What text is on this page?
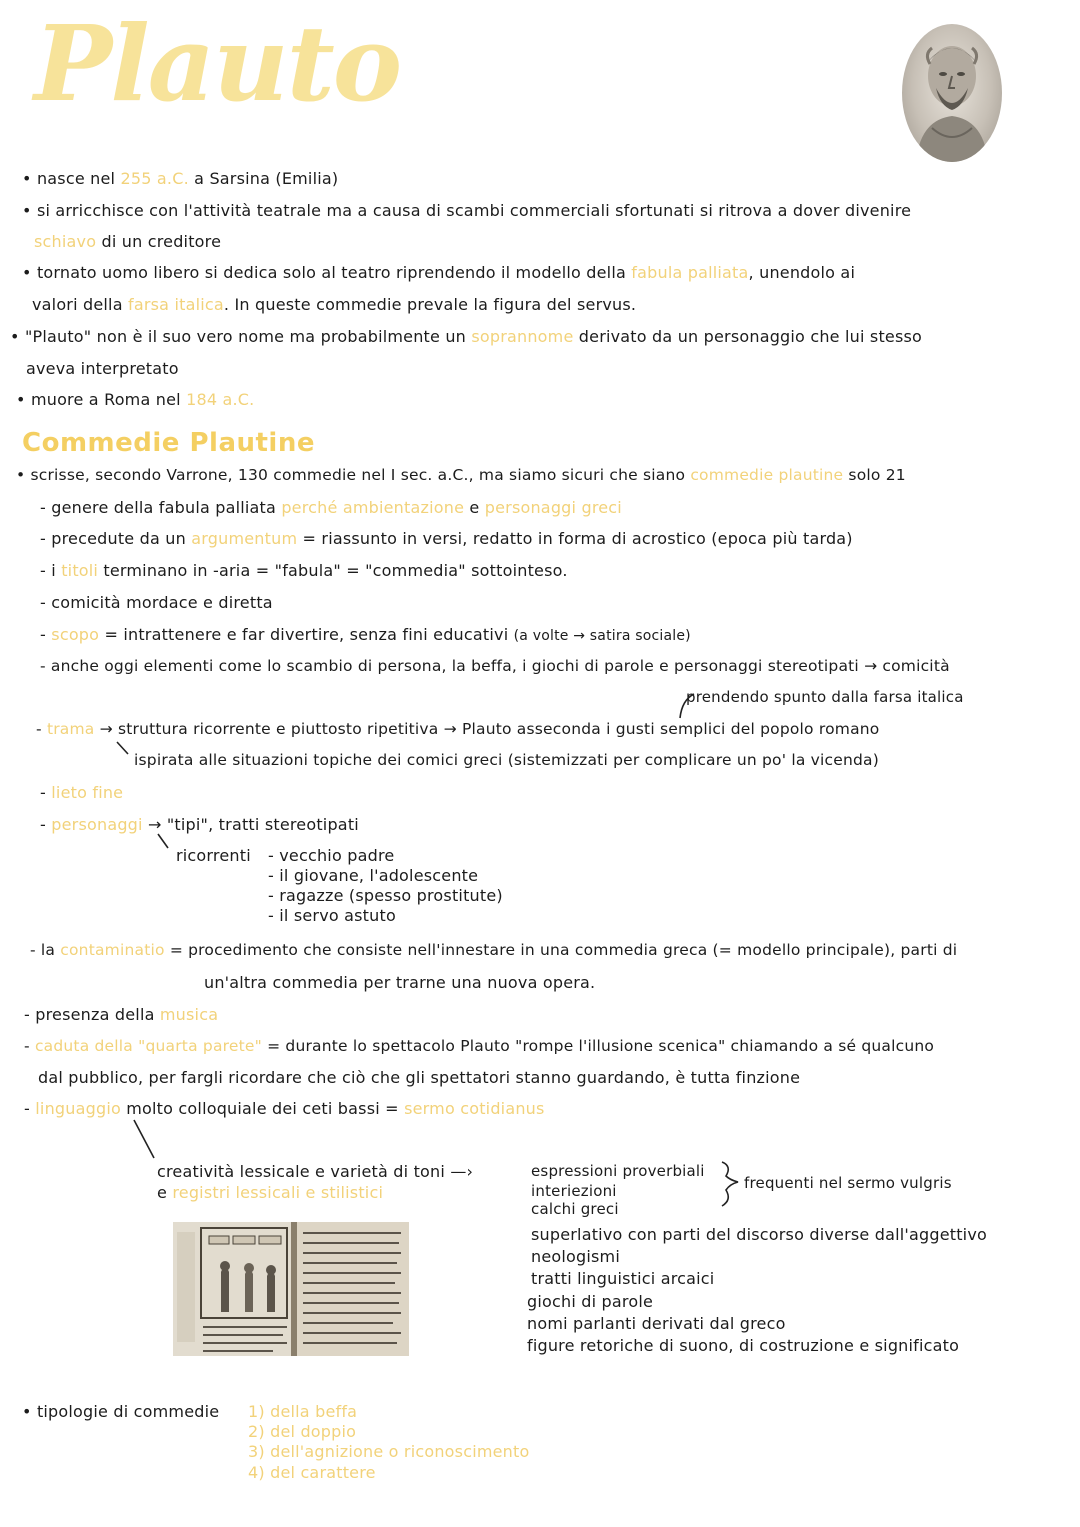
Plauto
• nasce nel 255 a.C. a Sarsina (Emilia)
• si arricchisce con l'attività teatrale ma a causa di scambi commerciali sfortunati si ritrova a dover divenire
schiavo di un creditore
• tornato uomo libero si dedica solo al teatro riprendendo il modello della fabula palliata, unendolo ai
valori della farsa italica. In queste commedie prevale la figura del servus.
• "Plauto" non è il suo vero nome ma probabilmente un soprannome derivato da un personaggio che lui stesso
aveva interpretato
• muore a Roma nel 184 a.C.
Commedie Plautine
• scrisse, secondo Varrone, 130 commedie nel I sec. a.C., ma siamo sicuri che siano commedie plautine solo 21
- genere della fabula palliata perché ambientazione e personaggi greci
- precedute da un argumentum = riassunto in versi, redatto in forma di acrostico (epoca più tarda)
- i titoli terminano in -aria = "fabula" = "commedia" sottointeso.
- comicità mordace e diretta
- scopo = intrattenere e far divertire, senza fini educativi (a volte → satira sociale)
- anche oggi elementi come lo scambio di persona, la beffa, i giochi di parole e personaggi stereotipati → comicità
prendendo spunto dalla farsa italica
- trama → struttura ricorrente e piuttosto ripetitiva → Plauto asseconda i gusti semplici del popolo romano
ispirata alle situazioni topiche dei comici greci (sistemizzati per complicare un po' la vicenda)
- lieto fine
- personaggi → "tipi", tratti stereotipati
ricorrenti - vecchio padre
- il giovane, l'adolescente
- ragazze (spesso prostitute)
- il servo astuto
- la contaminatio = procedimento che consiste nell'innestare in una commedia greca (= modello principale), parti di
un'altra commedia per trarne una nuova opera.
- presenza della musica
- caduta della "quarta parete" = durante lo spettacolo Plauto "rompe l'illusione scenica" chiamando a sé qualcuno
dal pubblico, per fargli ricordare che ciò che gli spettatori stanno guardando, è tutta finzione
- linguaggio molto colloquiale dei ceti bassi = sermo cotidianus
creatività lessicale e varietà di toni —›
e registri lessicali e stilistici
espressioni proverbiali
interiezioni
calchi greci
frequenti nel sermo vulgris
superlativo con parti del discorso diverse dall'aggettivo
neologismi
tratti linguistici arcaici
giochi di parole
nomi parlanti derivati dal greco
figure retoriche di suono, di costruzione e significato
• tipologie di commedie 1) della beffa
2) del doppio
3) dell'agnizione o riconoscimento
4) del carattere
